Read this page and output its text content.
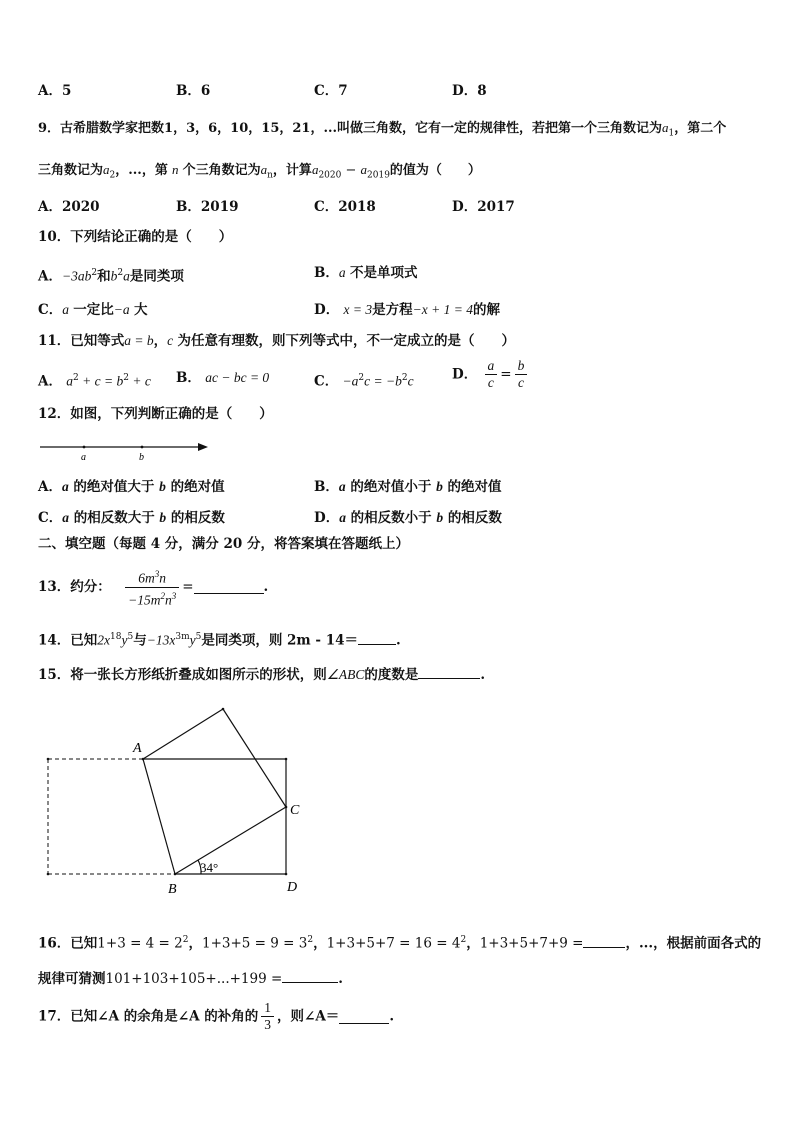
A．5	B．6	C．7	D．8
9．古希腊数学家把数1，3，6，10，15，21，...叫做三角数，它有一定的规律性，若把第一个三角数记为$a_1$，第二个
三角数记为$a_2$，...，第 n 个三角数记为$a_n$，计算$a_{2020} - a_{2019}$的值为（　　）
A．2020	B．2019	C．2018	D．2017
10．下列结论正确的是（　　）
A．$-3ab^2$和$b^2a$是同类项	B．a 不是单项式
C．a 一定比−a 大	D． x = 3是方程−x + 1 = 4的解
11．已知等式a = b，c 为任意有理数，则下列等式中，不一定成立的是（　　）
A． $a^2 + c = b^2 + c$ B． ac − bc = 0	C． $-a^2c = -b^2c$	D． $\frac{a}{c} = \frac{b}{c}$
12．如图，下列判断正确的是（　　）
a	b
A．a 的绝对值大于 b 的绝对值	B．a 的绝对值小于 b 的绝对值
C．a 的相反数大于 b 的相反数	D．a 的相反数小于 b 的相反数
二、填空题（每题 4 分，满分 20 分，将答案填在答题纸上）
13．约分： $\frac{6m^3n}{-15m^2n^3}$ =	.
14．已知$2x^{18}y^5$与$-13x^{3m}y^5$是同类项，则 2m - 14＝	.
15．将一张长方形纸折叠成如图所示的形状，则∠ABC的度数是	.
A
B
C
D
34°
16．已知$1+3 = 4 = 2^2$，$1+3+5 = 9 = 3^2$，$1+3+5+7 = 16 = 4^2$，1+3+5+7+9 =	，...，根据前面各式的
规律可猜测101+103+105+...+199 =	.
17．已知∠A 的余角是∠A 的补角的 $\frac{1}{3}$ ，则∠A＝	.
